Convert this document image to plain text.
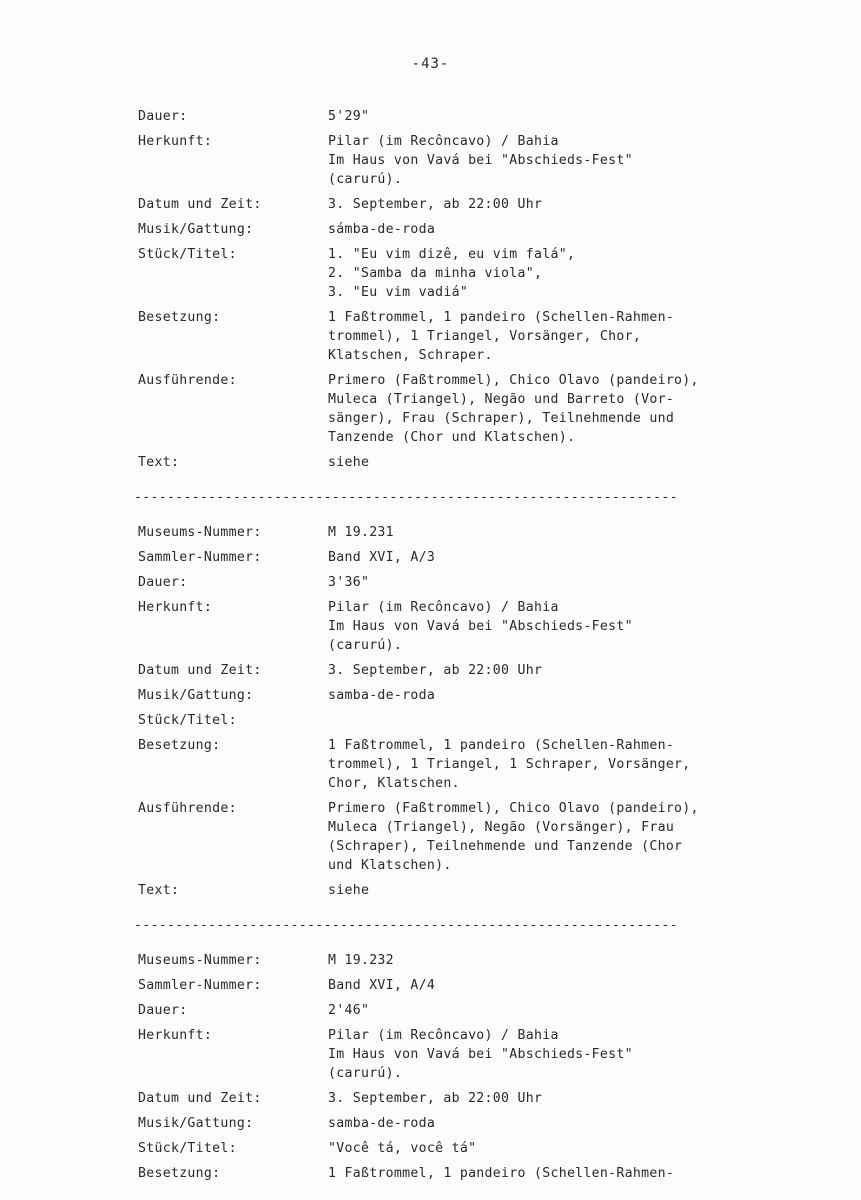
-43-
Dauer:	5'29"
Herkunft:	Pilar (im Recôncavo) / Bahia
Im Haus von Vavá bei "Abschieds-Fest"
(carurú).
Datum und Zeit:	3. September, ab 22:00 Uhr
Musik/Gattung:	sámba-de-roda
Stück/Titel:	1. "Eu vim dizê, eu vim falá",
2. "Samba da minha viola",
3. "Eu vim vadiá"
Besetzung:	1 Faßtrommel, 1 pandeiro (Schellen-Rahmen-
trommel), 1 Triangel, Vorsänger, Chor,
Klatschen, Schraper.
Ausführende:	Primero (Faßtrommel), Chico Olavo (pandeiro),
Muleca (Triangel), Negão und Barreto (Vor-
sänger), Frau (Schraper), Teilnehmende und
Tanzende (Chor und Klatschen).
Text:	siehe
------------------------------------------------------------------
Museums-Nummer:	M 19.231
Sammler-Nummer:	Band XVI, A/3
Dauer:	3'36"
Herkunft:	Pilar (im Recôncavo) / Bahia
Im Haus von Vavá bei "Abschieds-Fest"
(carurú).
Datum und Zeit:	3. September, ab 22:00 Uhr
Musik/Gattung:	samba-de-roda
Stück/Titel:

Besetzung:	1 Faßtrommel, 1 pandeiro (Schellen-Rahmen-
trommel), 1 Triangel, 1 Schraper, Vorsänger,
Chor, Klatschen.
Ausführende:	Primero (Faßtrommel), Chico Olavo (pandeiro),
Muleca (Triangel), Negão (Vorsänger), Frau
(Schraper), Teilnehmende und Tanzende (Chor
und Klatschen).
Text:	siehe
------------------------------------------------------------------
Museums-Nummer:	M 19.232
Sammler-Nummer:	Band XVI, A/4
Dauer:	2'46"
Herkunft:	Pilar (im Recôncavo) / Bahia
Im Haus von Vavá bei "Abschieds-Fest"
(carurú).
Datum und Zeit:	3. September, ab 22:00 Uhr
Musik/Gattung:	samba-de-roda
Stück/Titel:	"Você tá, você tá"
Besetzung:	1 Faßtrommel, 1 pandeiro (Schellen-Rahmen-
